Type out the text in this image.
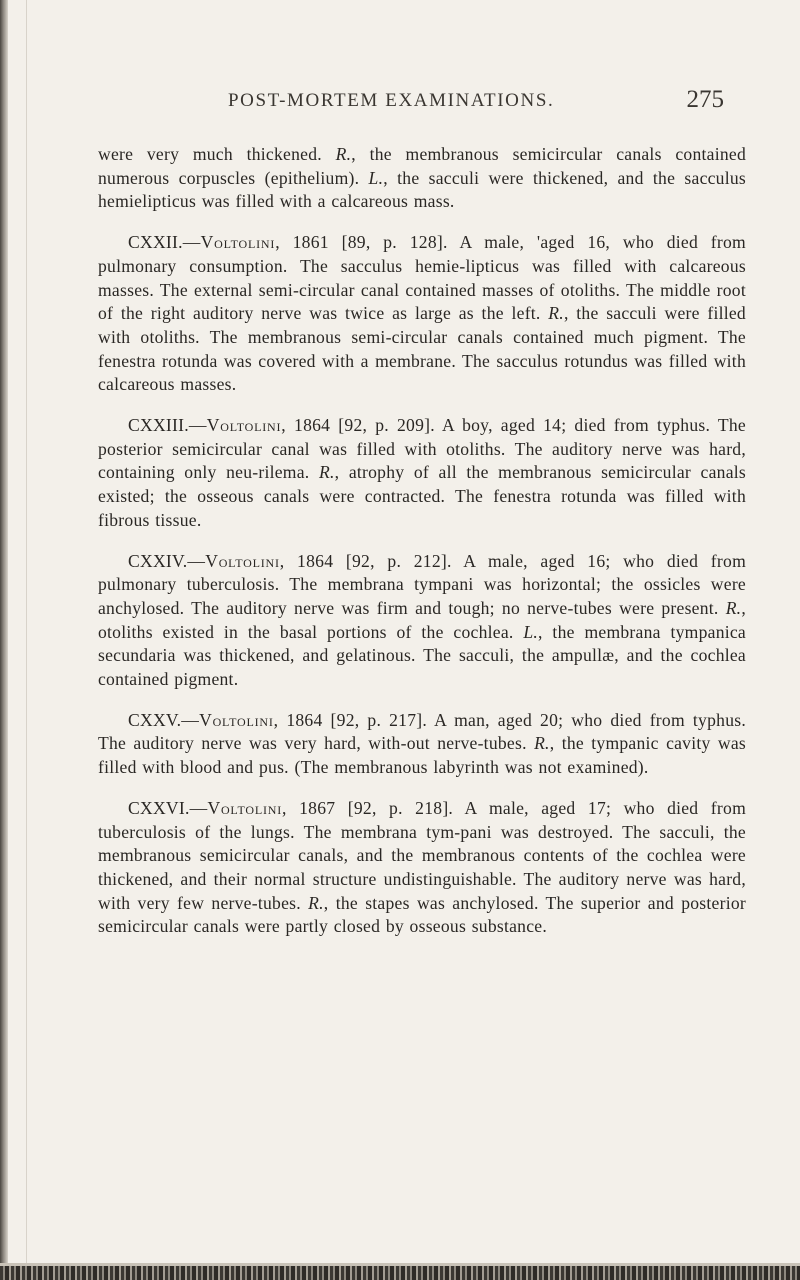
POST-MORTEM EXAMINATIONS.	275

were very much thickened. R., the membranous semicircular canals contained numerous corpuscles (epithelium). L., the sacculi were thickened, and the sacculus hemielipticus was filled with a calcareous mass.

CXXII.—Voltolini, 1861 [89, p. 128]. A male, 'aged 16, who died from pulmonary consumption. The sacculus hemie-lipticus was filled with calcareous masses. The external semi-circular canal contained masses of otoliths. The middle root of the right auditory nerve was twice as large as the left. R., the sacculi were filled with otoliths. The membranous semi-circular canals contained much pigment. The fenestra rotunda was covered with a membrane. The sacculus rotundus was filled with calcareous masses.

CXXIII.—Voltolini, 1864 [92, p. 209]. A boy, aged 14; died from typhus. The posterior semicircular canal was filled with otoliths. The auditory nerve was hard, containing only neu-rilema. R., atrophy of all the membranous semicircular canals existed; the osseous canals were contracted. The fenestra rotunda was filled with fibrous tissue.

CXXIV.—Voltolini, 1864 [92, p. 212]. A male, aged 16; who died from pulmonary tuberculosis. The membrana tympani was horizontal; the ossicles were anchylosed. The auditory nerve was firm and tough; no nerve-tubes were present. R., otoliths existed in the basal portions of the cochlea. L., the membrana tympanica secundaria was thickened, and gelatinous. The sacculi, the ampullæ, and the cochlea contained pigment.

CXXV.—Voltolini, 1864 [92, p. 217]. A man, aged 20; who died from typhus. The auditory nerve was very hard, with-out nerve-tubes. R., the tympanic cavity was filled with blood and pus. (The membranous labyrinth was not examined).

CXXVI.—Voltolini, 1867 [92, p. 218]. A male, aged 17; who died from tuberculosis of the lungs. The membrana tym-pani was destroyed. The sacculi, the membranous semicircular canals, and the membranous contents of the cochlea were thickened, and their normal structure undistinguishable. The auditory nerve was hard, with very few nerve-tubes. R., the stapes was anchylosed. The superior and posterior semicircular canals were partly closed by osseous substance.
